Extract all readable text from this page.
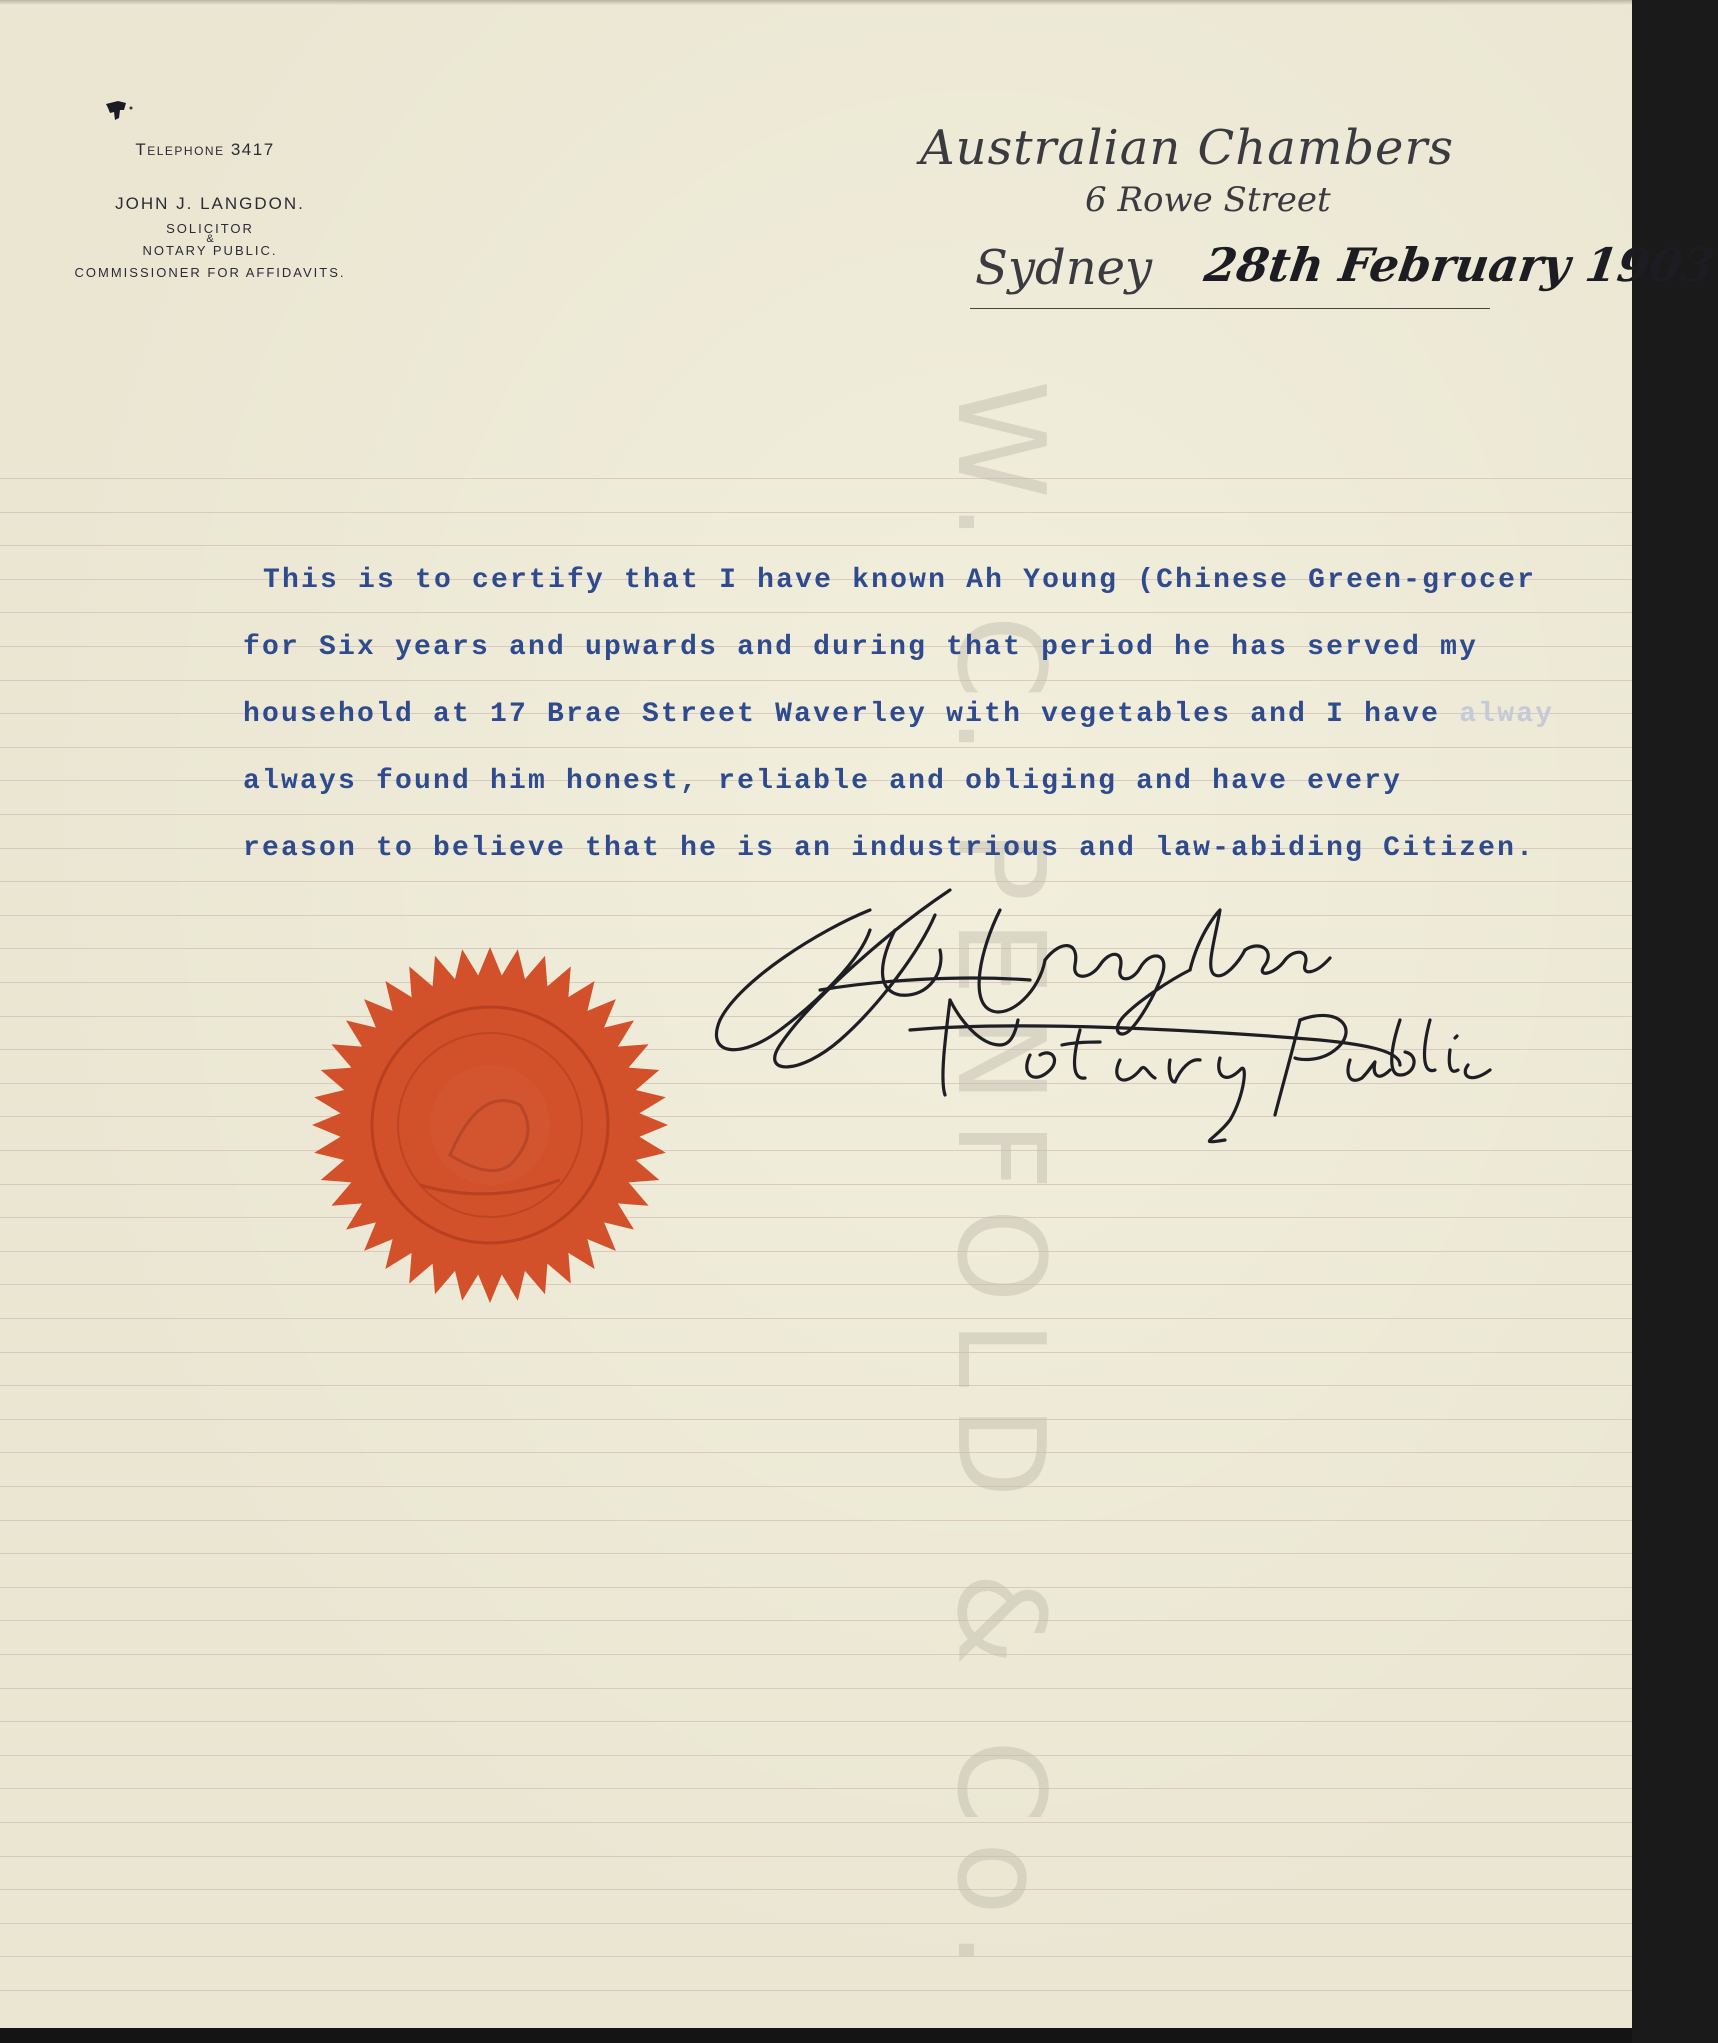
W. C. PENFOLD & Co.
Telephone 3417
JOHN J. LANGDON.
SOLICITOR
&
NOTARY PUBLIC.
COMMISSIONER FOR AFFIDAVITS.
Australian Chambers
6 Rowe Street
Sydney 28th February 1903
This is to certify that I have known Ah Young (Chinese Green-grocer
for Six years and upwards and during that period he has served my
household at 17 Brae Street Waverley with vegetables and I have alway
always found him honest, reliable and obliging and have every
reason to believe that he is an industrious and law-abiding Citizen.
